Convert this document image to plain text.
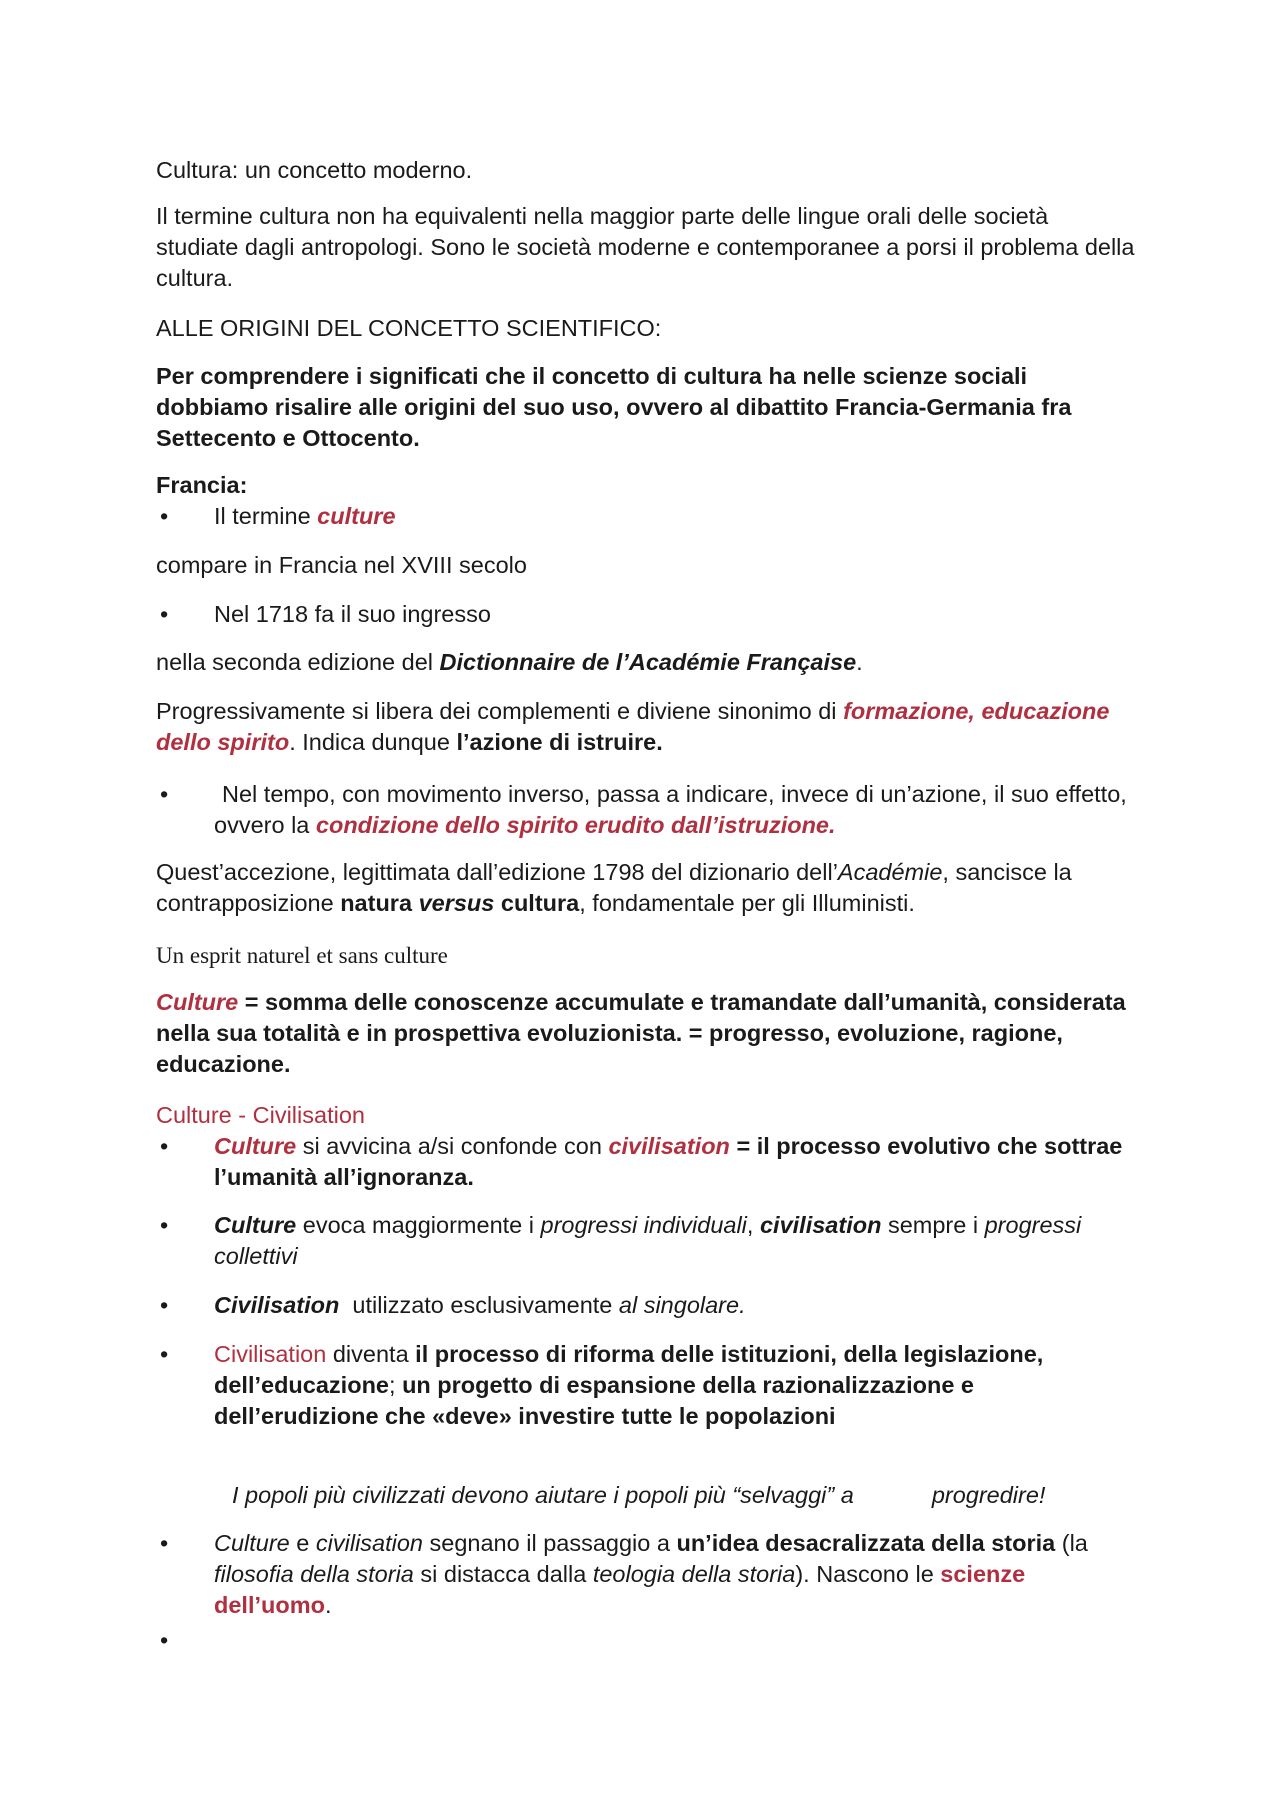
Cultura: un concetto moderno.

Il termine cultura non ha equivalenti nella maggior parte delle lingue orali delle società studiate dagli antropologi. Sono le società moderne e contemporanee a porsi il problema della cultura.

ALLE ORIGINI DEL CONCETTO SCIENTIFICO:

Per comprendere i significati che il concetto di cultura ha nelle scienze sociali dobbiamo risalire alle origini del suo uso, ovvero al dibattito Francia-Germania fra Settecento e Ottocento.

Francia:

• Il termine culture

compare in Francia nel XVIII secolo

• Nel 1718 fa il suo ingresso

nella seconda edizione del Dictionnaire de l’Académie Française.

Progressivamente si libera dei complementi e diviene sinonimo di formazione, educazione dello spirito. Indica dunque l’azione di istruire.

•	Nel tempo, con movimento inverso, passa a indicare, invece di un’azione, il suo effetto, ovvero la condizione dello spirito erudito dall’istruzione.

Quest’accezione, legittimata dall’edizione 1798 del dizionario dell’Académie, sancisce la contrapposizione natura versus cultura, fondamentale per gli Illuministi.

Un esprit naturel et sans culture

Culture = somma delle conoscenze accumulate e tramandate dall’umanità, considerata nella sua totalità e in prospettiva evoluzionista. = progresso, evoluzione, ragione, educazione.

Culture - Civilisation

• Culture si avvicina a/si confonde con civilisation = il processo evolutivo che sottrae l’umanità all’ignoranza.

• Culture evoca maggiormente i progressi individuali, civilisation sempre i progressi collettivi

• Civilisation  utilizzato esclusivamente al singolare.

• Civilisation diventa il processo di riforma delle istituzioni, della legislazione, dell’educazione; un progetto di espansione della razionalizzazione e dell’erudizione che «deve» investire tutte le popolazioni

I popoli più civilizzati devono aiutare i popoli più “selvaggi” a	progredire!

• Culture e civilisation segnano il passaggio a un’idea desacralizzata della storia (la filosofia della storia si distacca dalla teologia della storia). Nascono le scienze dell’uomo.

•
